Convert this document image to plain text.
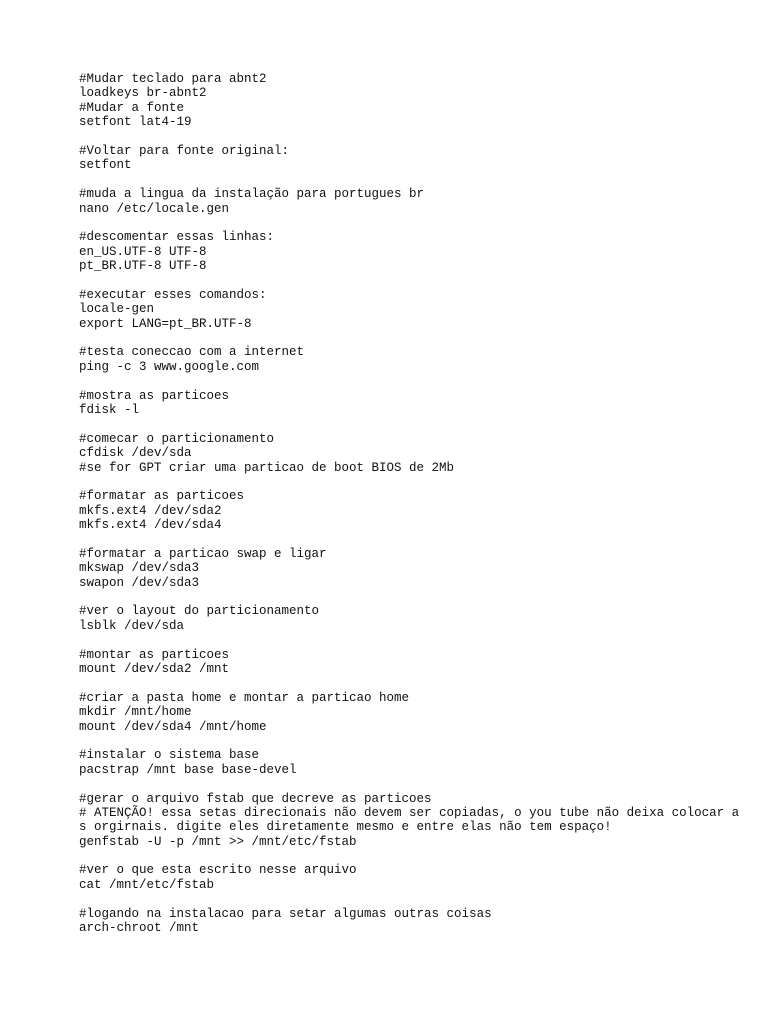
#Mudar teclado para abnt2
loadkeys br-abnt2
#Mudar a fonte
setfont lat4-19
#Voltar para fonte original:
setfont
#muda a lingua da instalação para portugues br
nano /etc/locale.gen
#descomentar essas linhas:
en_US.UTF-8 UTF-8
pt_BR.UTF-8 UTF-8
#executar esses comandos:
locale-gen
export LANG=pt_BR.UTF-8
#testa coneccao com a internet
ping -c 3 www.google.com
#mostra as particoes
fdisk -l
#comecar o particionamento
cfdisk /dev/sda
#se for GPT criar uma particao de boot BIOS de 2Mb
#formatar as particoes
mkfs.ext4 /dev/sda2
mkfs.ext4 /dev/sda4
#formatar a particao swap e ligar
mkswap /dev/sda3
swapon /dev/sda3
#ver o layout do particionamento
lsblk /dev/sda
#montar as particoes
mount /dev/sda2 /mnt
#criar a pasta home e montar a particao home
mkdir /mnt/home
mount /dev/sda4 /mnt/home
#instalar o sistema base
pacstrap /mnt base base-devel
#gerar o arquivo fstab que decreve as particoes
# ATENÇÃO! essa setas direcionais não devem ser copiadas, o you tube não deixa colocar a
s orgirnais. digite eles diretamente mesmo e entre elas não tem espaço!
genfstab -U -p /mnt >> /mnt/etc/fstab
#ver o que esta escrito nesse arquivo
cat /mnt/etc/fstab
#logando na instalacao para setar algumas outras coisas
arch-chroot /mnt
